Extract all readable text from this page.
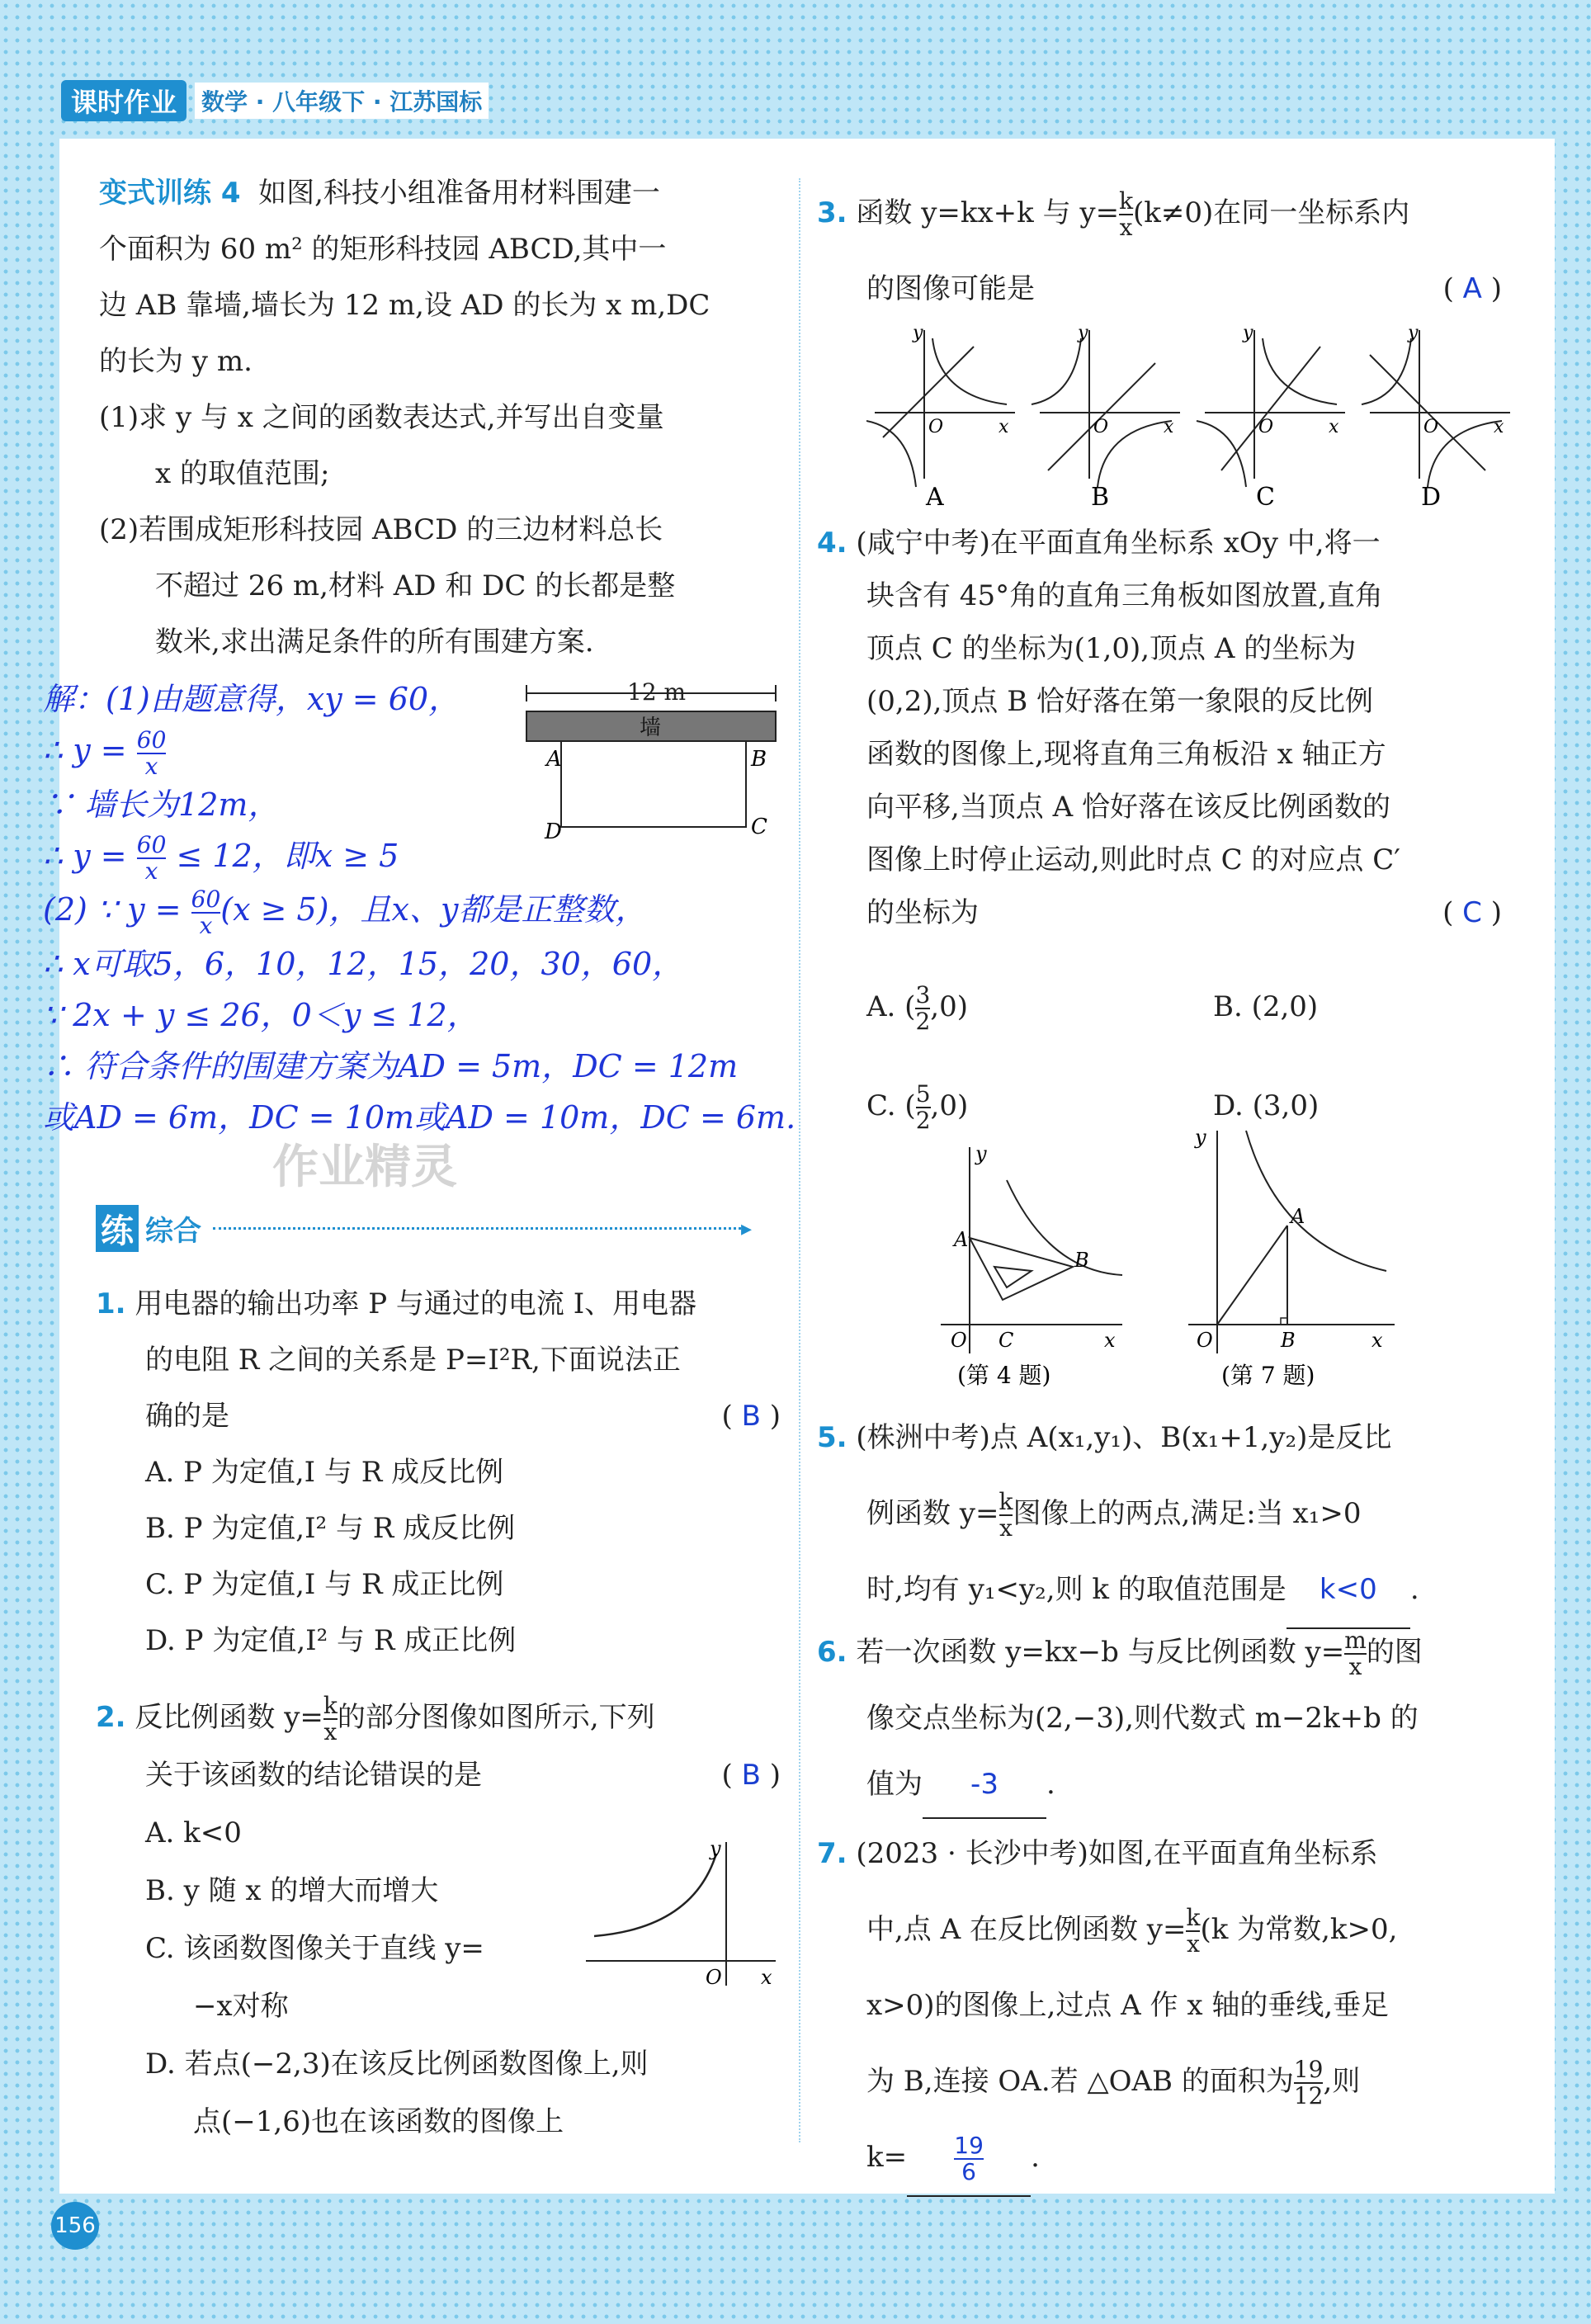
课时作业	数学 · 八年级下 · 江苏国标
变式训练 4 如图,科技小组准备用材料围建一
个面积为 60 m² 的矩形科技园 ABCD,其中一
边 AB 靠墙,墙长为 12 m,设 AD 的长为 x m,DC
的长为 y m.
(1)求 y 与 x 之间的函数表达式,并写出自变量
x 的取值范围;
(2)若围成矩形科技园 ABCD 的三边材料总长
不超过 26 m,材料 AD 和 DC 的长都是整
数米,求出满足条件的所有围建方案.
12 m
墙
A	B
C
D
解：(1)由题意得，xy = 60，
∴ $y = \frac{60}{x}$
∵ 墙长为12m，
∴ $y = \frac{60}{x} \le 12$，即x ≥ 5
(2) ∵ $y = \frac{60}{x} (x \ge 5)$，且x、y都是正整数，
∴ x可取5，6，10，12，15，20，30，60，
∵ 2x + y ≤ 26，0＜y ≤ 12，
∴ 符合条件的围建方案为AD = 5m，DC = 12m
或AD = 6m，DC = 10m或AD = 10m，DC = 6m.
作业精灵
练 综合	▸
1. 用电器的输出功率 P 与通过的电流 I、用电器
的电阻 R 之间的关系是 P=I²R,下面说法正
确的是	( B )
A. P 为定值,I 与 R 成反比例
B. P 为定值,I² 与 R 成反比例
C. P 为定值,I 与 R 成正比例
D. P 为定值,I² 与 R 成正比例
2. 反比例函数 $y= \frac{k}{x}$ 的部分图像如图所示,下列
关于该函数的结论错误的是	( B )
A. k<0
B. y 随 x 的增大而增大
C. 该函数图像关于直线 y=
−x对称
D. 若点(−2,3)在该反比例函数图像上,则
点(−1,6)也在该函数的图像上
O x
y
3. 函数 y=kx+k 与 $y= \frac{k}{x} (k\ne 0)$在同一坐标系内
的图像可能是	( A )
O	x
y
A
O	x
y
B
O	x
y
C
O	x
y
D
4. (咸宁中考)在平面直角坐标系 xOy 中,将一
块含有 45°角的直角三角板如图放置,直角
顶点 C 的坐标为(1,0),顶点 A 的坐标为
(0,2),顶点 B 恰好落在第一象限的反比例
函数的图像上,现将直角三角板沿 x 轴正方
向平移,当顶点 A 恰好落在该反比例函数的
图像上时停止运动,则此时点 C 的对应点 C′
的坐标为	( C )
A. ( $\frac{3}{2} ,0$)	B. (2,0)
C. ( $\frac{5}{2} ,0$)	D. (3,0)
O C
A
B
x
y
(第 4 题)
O	B
A
x
y
(第 7 题)
5. (株洲中考)点 A(x₁,y₁)、B(x₁+1,y₂)是反比
例函数 $y= \frac{k}{x}$ 图像上的两点,满足:当 x₁>0
时,均有 y₁<y₂,则 k 的取值范围是 k<0 .
6. 若一次函数 y=kx−b 与反比例函数 $y= \frac{m}{x}$ 的图
像交点坐标为(2,−3),则代数式 m−2k+b 的
值为 -3 .
7. (2023 · 长沙中考)如图,在平面直角坐标系
中,点 A 在反比例函数 $y= \frac{k}{x} (k$ 为常数,k>0,
x>0)的图像上,过点 A 作 x 轴的垂线,垂足
为 B,连接 OA.若 △OAB 的面积为 $\frac{19}{12}$ ,则
$k= \frac{19}{6}$ .
156
